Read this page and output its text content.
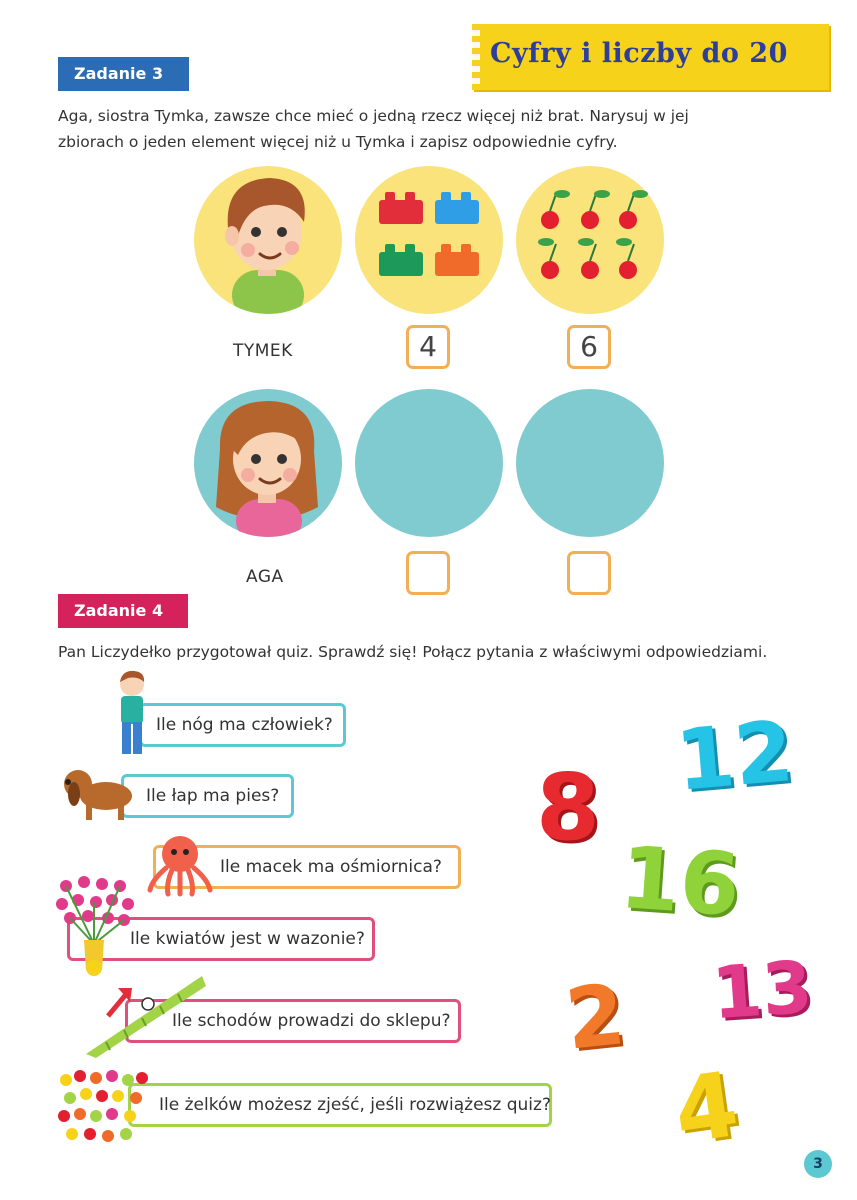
Cyfry i liczby do 20
Zadanie 3
Aga, siostra Tymka, zawsze chce mieć o jedną rzecz więcej niż brat. Narysuj w jej
zbiorach o jeden element więcej niż u Tymka i zapisz odpowiednie cyfry.
TYMEK	4	6
AGA
Zadanie 4
Pan Liczydełko przygotował quiz. Sprawdź się! Połącz pytania z właściwymi odpowiedziami.
Ile nóg ma człowiek?
Ile łap ma pies?
Ile macek ma ośmiornica?
Ile kwiatów jest w wazonie?
Ile schodów prowadzi do sklepu?
Ile żelków możesz zjeść, jeśli rozwiążesz quiz?
12
8
16
13
2
4	3
